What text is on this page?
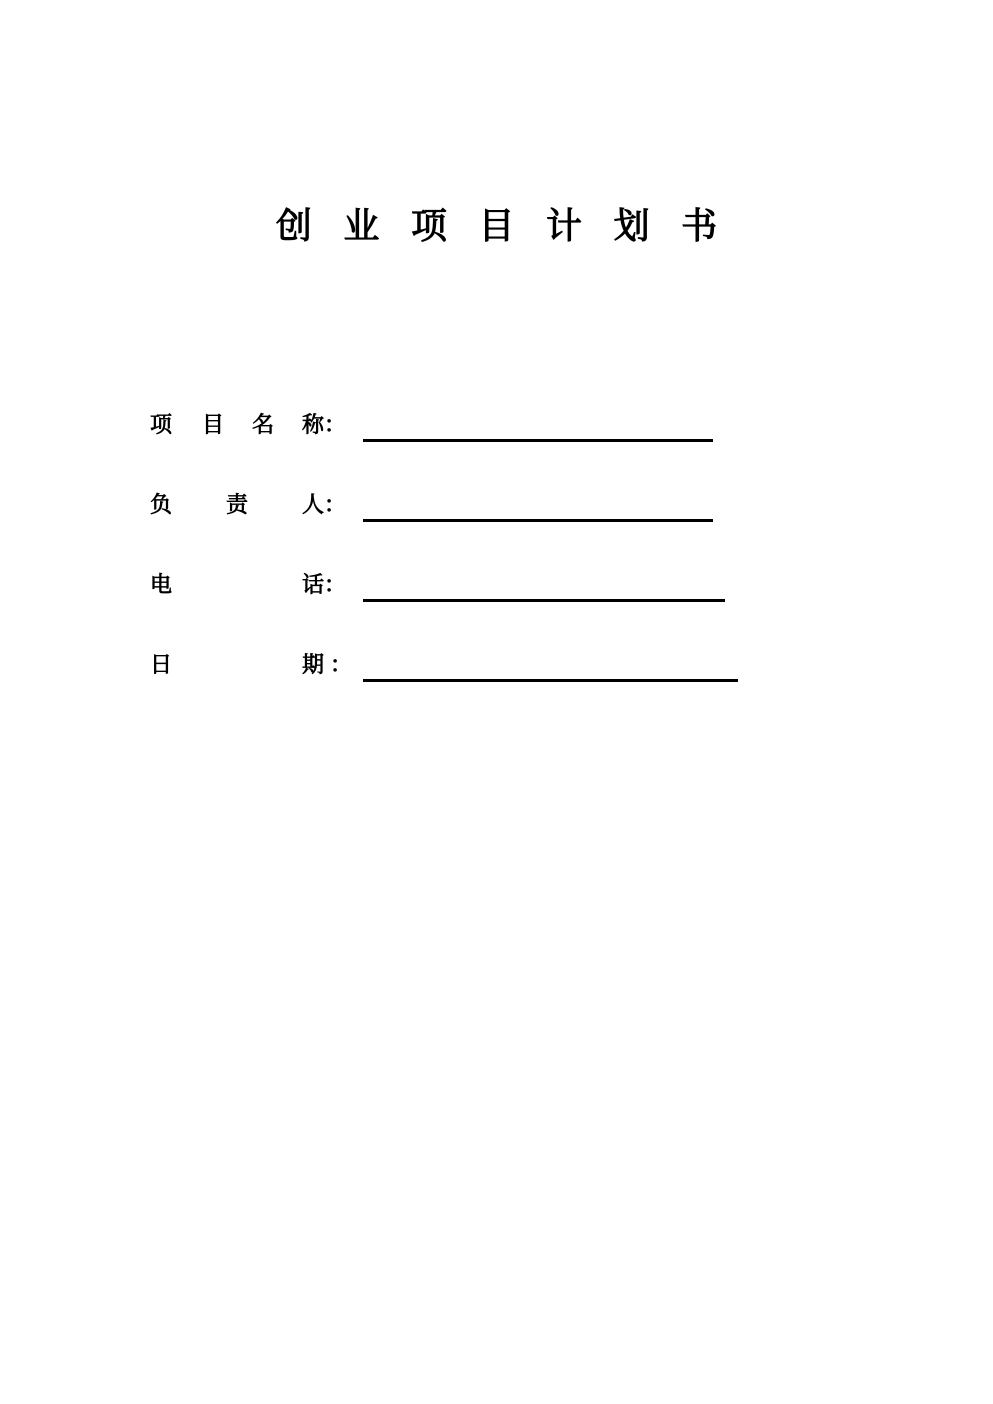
创 业 项 目 计 划 书
项 目 名 称：
负 责 人：
电	话：
日	期 ：
